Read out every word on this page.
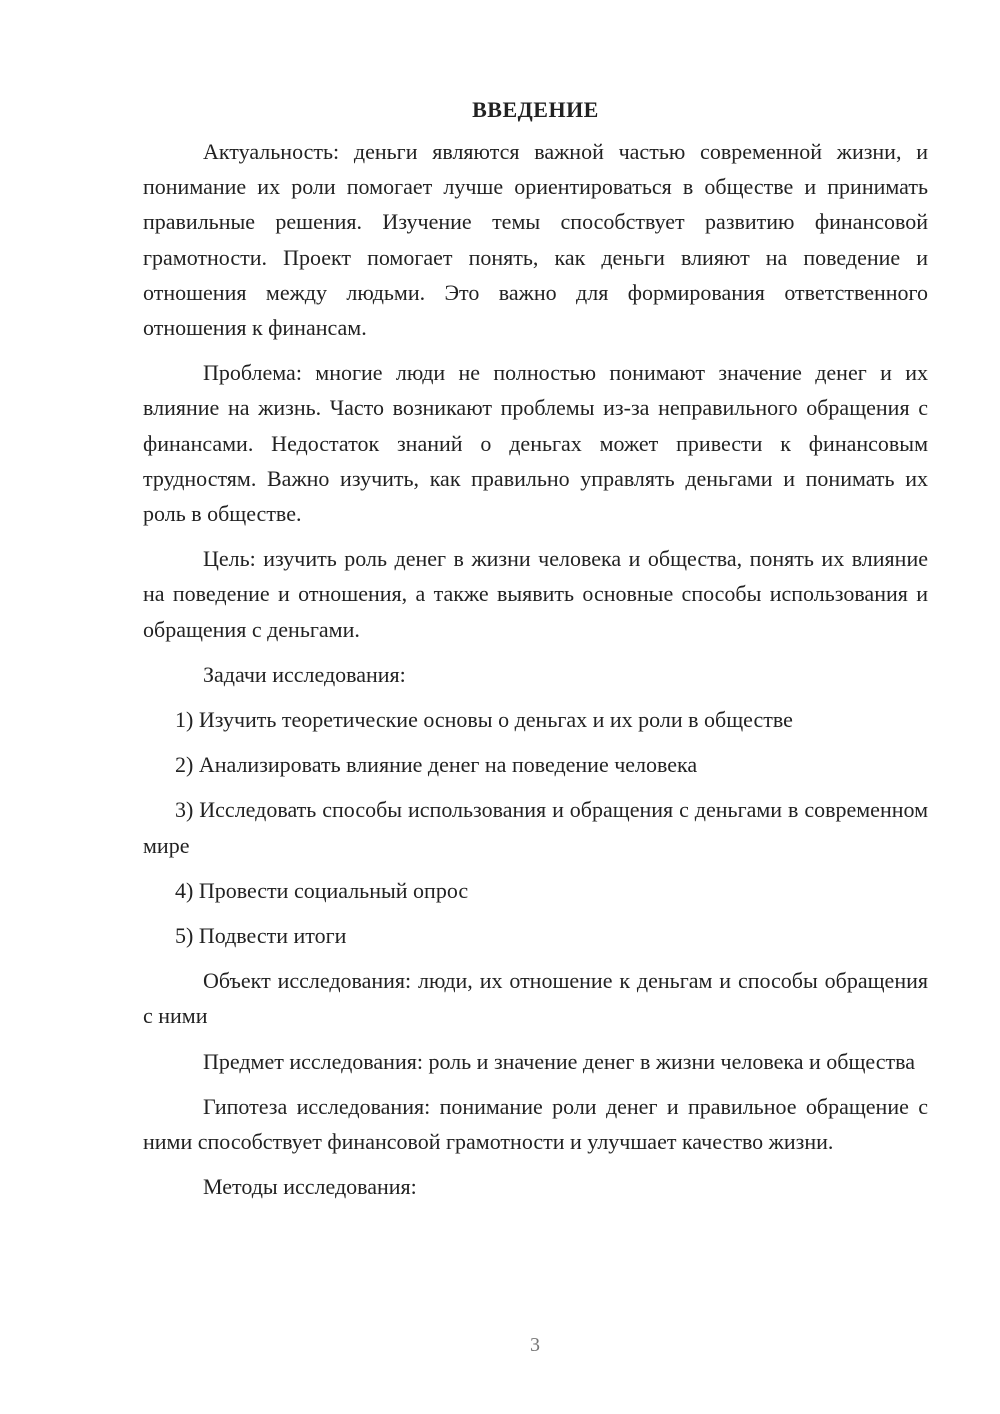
ВВЕДЕНИЕ

Актуальность: деньги являются важной частью современной жизни, и понимание их роли помогает лучше ориентироваться в обществе и принимать правильные решения. Изучение темы способствует развитию финансовой грамотности. Проект помогает понять, как деньги влияют на поведение и отношения между людьми. Это важно для формирования ответственного отношения к финансам.

Проблема: многие люди не полностью понимают значение денег и их влияние на жизнь. Часто возникают проблемы из-за неправильного обращения с финансами. Недостаток знаний о деньгах может привести к финансовым трудностям. Важно изучить, как правильно управлять деньгами и понимать их роль в обществе.

Цель: изучить роль денег в жизни человека и общества, понять их влияние на поведение и отношения, а также выявить основные способы использования и обращения с деньгами.

Задачи исследования:

1) Изучить теоретические основы о деньгах и их роли в обществе

2) Анализировать влияние денег на поведение человека

3) Исследовать способы использования и обращения с деньгами в современном мире

4) Провести социальный опрос

5) Подвести итоги

Объект исследования: люди, их отношение к деньгам и способы обращения с ними

Предмет исследования: роль и значение денег в жизни человека и общества

Гипотеза исследования: понимание роли денег и правильное обращение с ними способствует финансовой грамотности и улучшает качество жизни.

Методы исследования:

3
